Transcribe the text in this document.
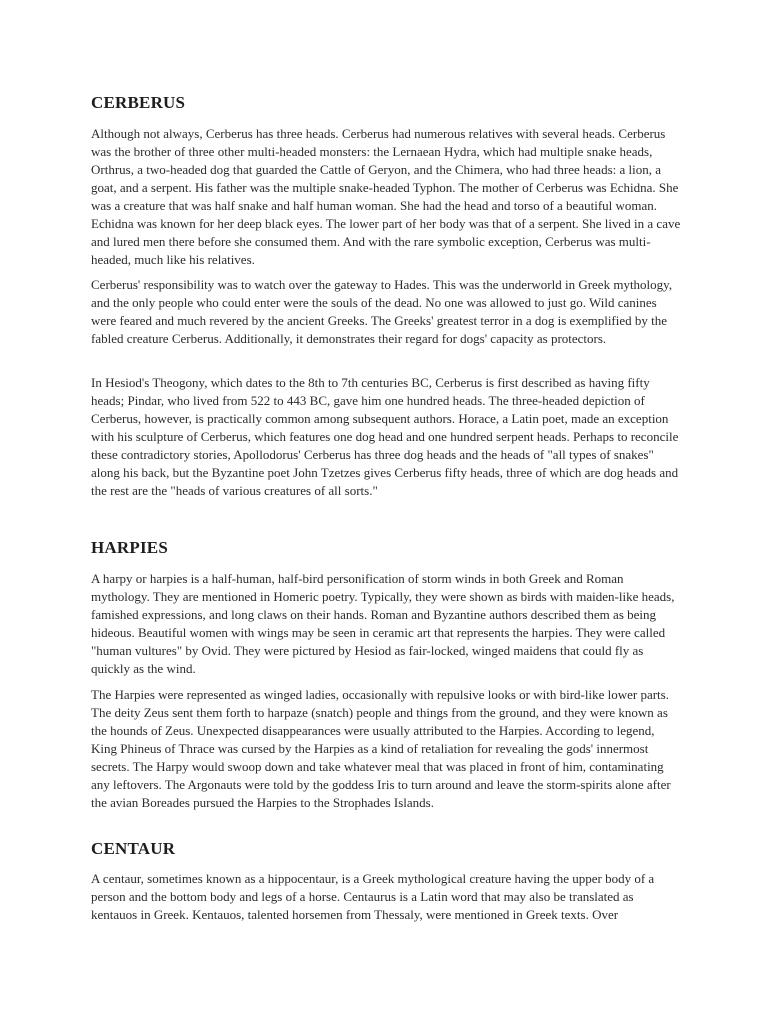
CERBERUS

Although not always, Cerberus has three heads. Cerberus had numerous relatives with several heads. Cerberus was the brother of three other multi-headed monsters: the Lernaean Hydra, which had multiple snake heads, Orthrus, a two-headed dog that guarded the Cattle of Geryon, and the Chimera, who had three heads: a lion, a goat, and a serpent. His father was the multiple snake-headed Typhon. The mother of Cerberus was Echidna. She was a creature that was half snake and half human woman. She had the head and torso of a beautiful woman. Echidna was known for her deep black eyes. The lower part of her body was that of a serpent. She lived in a cave and lured men there before she consumed them. And with the rare symbolic exception, Cerberus was multi-headed, much like his relatives.

Cerberus' responsibility was to watch over the gateway to Hades. This was the underworld in Greek mythology, and the only people who could enter were the souls of the dead. No one was allowed to just go. Wild canines were feared and much revered by the ancient Greeks. The Greeks' greatest terror in a dog is exemplified by the fabled creature Cerberus. Additionally, it demonstrates their regard for dogs' capacity as protectors.

In Hesiod's Theogony, which dates to the 8th to 7th centuries BC, Cerberus is first described as having fifty heads; Pindar, who lived from 522 to 443 BC, gave him one hundred heads. The three-headed depiction of Cerberus, however, is practically common among subsequent authors. Horace, a Latin poet, made an exception with his sculpture of Cerberus, which features one dog head and one hundred serpent heads. Perhaps to reconcile these contradictory stories, Apollodorus' Cerberus has three dog heads and the heads of "all types of snakes" along his back, but the Byzantine poet John Tzetzes gives Cerberus fifty heads, three of which are dog heads and the rest are the "heads of various creatures of all sorts."

HARPIES

A harpy or harpies is a half-human, half-bird personification of storm winds in both Greek and Roman mythology. They are mentioned in Homeric poetry. Typically, they were shown as birds with maiden-like heads, famished expressions, and long claws on their hands. Roman and Byzantine authors described them as being hideous. Beautiful women with wings may be seen in ceramic art that represents the harpies. They were called "human vultures" by Ovid. They were pictured by Hesiod as fair-locked, winged maidens that could fly as quickly as the wind.

The Harpies were represented as winged ladies, occasionally with repulsive looks or with bird-like lower parts. The deity Zeus sent them forth to harpaze (snatch) people and things from the ground, and they were known as the hounds of Zeus. Unexpected disappearances were usually attributed to the Harpies. According to legend, King Phineus of Thrace was cursed by the Harpies as a kind of retaliation for revealing the gods' innermost secrets. The Harpy would swoop down and take whatever meal that was placed in front of him, contaminating any leftovers. The Argonauts were told by the goddess Iris to turn around and leave the storm-spirits alone after the avian Boreades pursued the Harpies to the Strophades Islands.

CENTAUR

A centaur, sometimes known as a hippocentaur, is a Greek mythological creature having the upper body of a person and the bottom body and legs of a horse. Centaurus is a Latin word that may also be translated as kentauos in Greek. Kentauos, talented horsemen from Thessaly, were mentioned in Greek texts. Over
